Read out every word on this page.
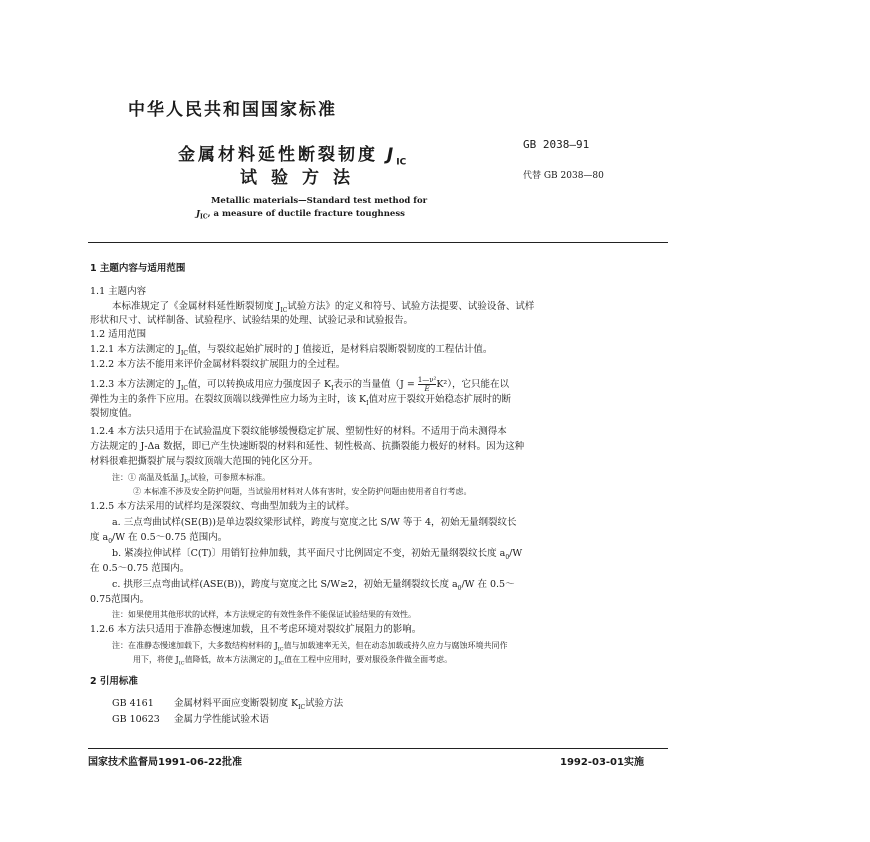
中华人民共和国国家标准
金属材料延性断裂韧度 $J_{IC}$
试验方法
GB 2038—91
代替 GB 2038—80
Metallic materials—Standard test method for
$J_{IC}$, a measure of ductile fracture toughness
1 主题内容与适用范围
1.1 主题内容
本标准规定了《金属材料延性断裂韧度 $J_{IC}$试验方法》的定义和符号、试验方法提要、试验设备、试样
形状和尺寸、试样制备、试验程序、试验结果的处理、试验记录和试验报告。
1.2 适用范围
1.2.1 本方法测定的 $J_{IC}$值，与裂纹起始扩展时的 J 值接近，是材料启裂断裂韧度的工程估计值。
1.2.2 本方法不能用来评价金属材料裂纹扩展阻力的全过程。
1.2.3 本方法测定的 $J_{IC}$值，可以转换成用应力强度因子 $K_I$表示的当量值$(J = \frac{\text{1—ν²}}{E} K^2)$，它只能在以
弹性为主的条件下应用。在裂纹顶端以线弹性应力场为主时，该 $K_I$值对应于裂纹开始稳态扩展时的断
裂韧度值。
1.2.4 本方法只适用于在试验温度下裂纹能够缓慢稳定扩展、塑韧性好的材料。不适用于尚未测得本
方法规定的 J-Δa 数据，即已产生快速断裂的材料和延性、韧性极高、抗撕裂能力极好的材料。因为这种
材料很难把撕裂扩展与裂纹顶端大范围的钝化区分开。
注：① 高温及低温 $J_{IC}$试验，可参照本标准。
② 本标准不涉及安全防护问题，当试验用材料对人体有害时，安全防护问题由使用者自行考虑。
1.2.5 本方法采用的试样均是深裂纹、弯曲型加载为主的试样。
a. 三点弯曲试样(SE(B))是单边裂纹梁形试样，跨度与宽度之比 S/W 等于 4，初始无量纲裂纹长
度 $a_0/W$ 在 0.5～0.75 范围内。
b. 紧凑拉伸试样〔C(T)〕用销钉拉伸加载，其平面尺寸比例固定不变，初始无量纲裂纹长度 $a_0/W$
在 0.5～0.75 范围内。
c. 拱形三点弯曲试样(ASE(B))，跨度与宽度之比 S/W≥2，初始无量纲裂纹长度 $a_0/W$ 在 0.5～
0.75范围内。
注：如果使用其他形状的试样，本方法规定的有效性条件不能保证试验结果的有效性。
1.2.6 本方法只适用于准静态慢速加载，且不考虑环境对裂纹扩展阻力的影响。
注：在准静态慢速加载下，大多数结构材料的 $J_{IC}$值与加载速率无关，但在动态加载或持久应力与腐蚀环境共同作
用下，将使 $J_{IC}$值降低，故本方法测定的 $J_{IC}$值在工程中应用时，要对服役条件做全面考虑。
2 引用标准
GB 4161 金属材料平面应变断裂韧度 $K_{IC}$试验方法
GB 10623 金属力学性能试验术语
国家技术监督局1991-06-22批准	1992-03-01实施
